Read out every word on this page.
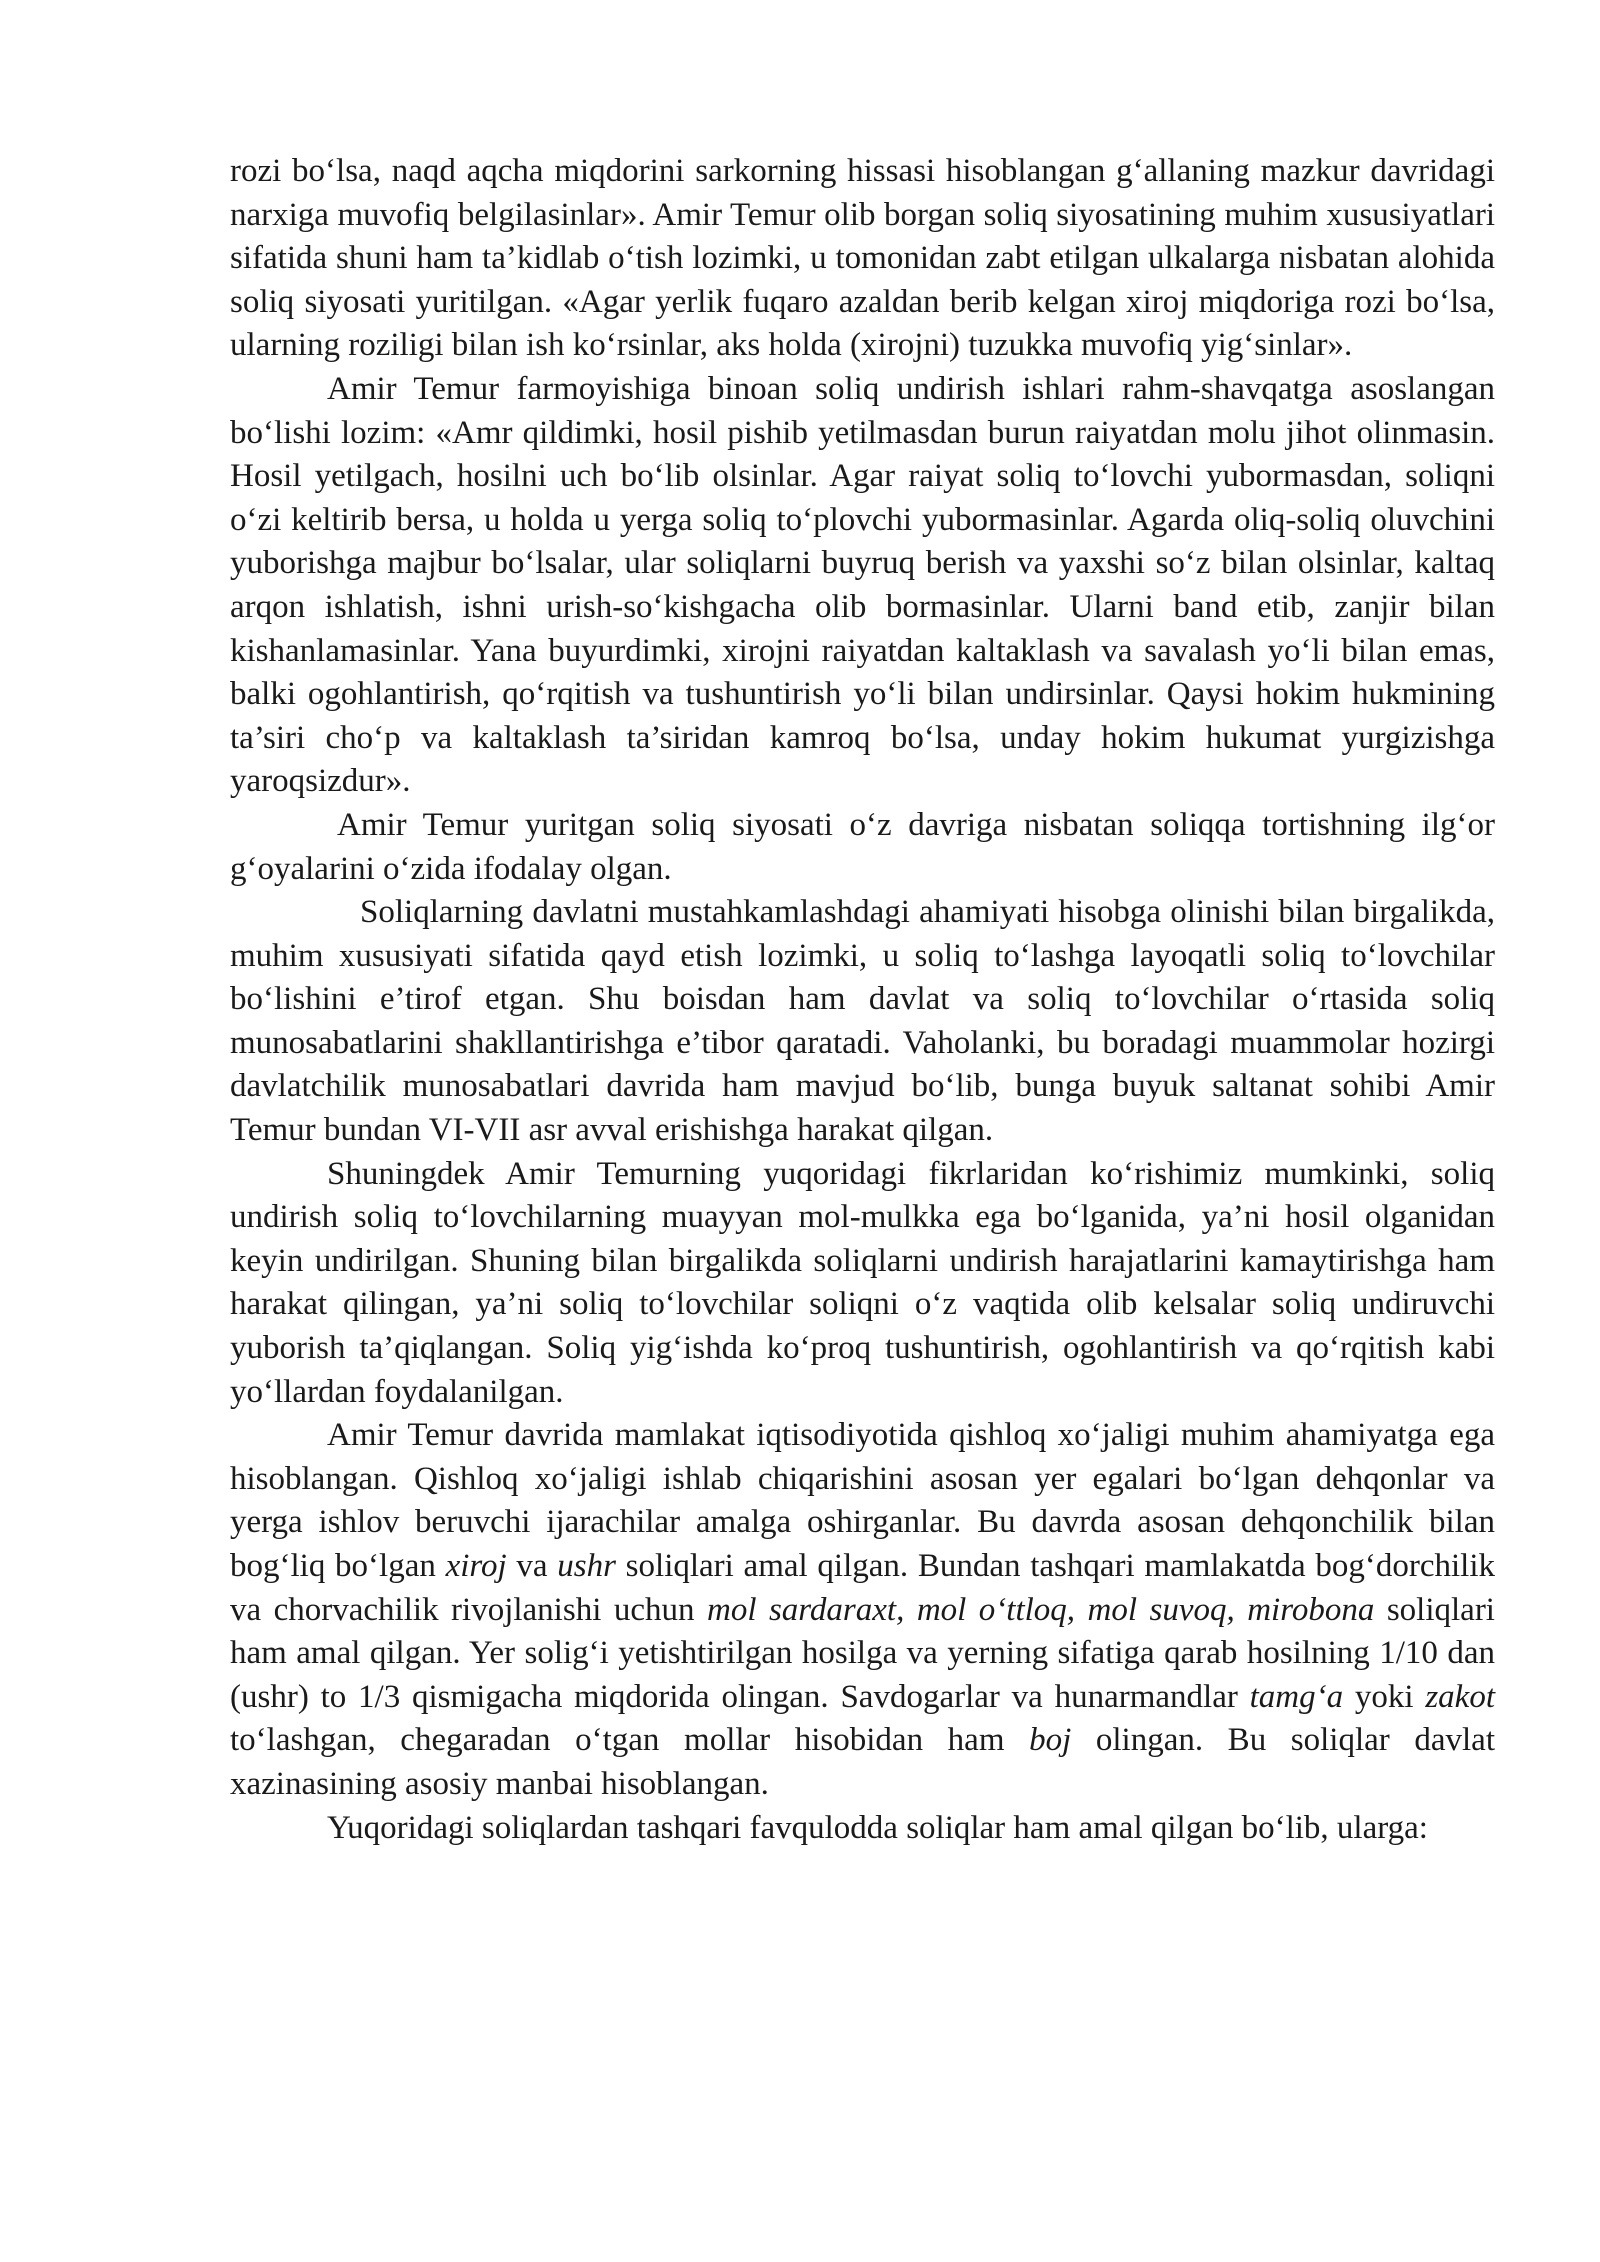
rozi bo‘lsa, naqd aqcha miqdorini sarkorning hissasi hisoblangan g‘allaning mazkur davridagi narxiga muvofiq belgilasinlar». Amir Temur olib borgan soliq siyosatining muhim xususiyatlari sifatida shuni ham ta’kidlab o‘tish lozimki, u tomonidan zabt etilgan ulkalarga nisbatan alohida soliq siyosati yuritilgan. «Agar yerlik fuqaro azaldan berib kelgan xiroj miqdoriga rozi bo‘lsa, ularning roziligi bilan ish ko‘rsinlar, aks holda (xirojni) tuzukka muvofiq yig‘sinlar».

Amir Temur farmoyishiga binoan soliq undirish ishlari rahm-shavqatga asoslangan bo‘lishi lozim: «Amr qildimki, hosil pishib yetilmasdan burun raiyatdan molu jihot olinmasin. Hosil yetilgach, hosilni uch bo‘lib olsinlar. Agar raiyat soliq to‘lovchi yubormasdan, soliqni o‘zi keltirib bersa, u holda u yerga soliq to‘plovchi yubormasinlar. Agarda oliq-soliq oluvchini yuborishga majbur bo‘lsalar, ular soliqlarni buyruq berish va yaxshi so‘z bilan olsinlar, kaltaq arqon ishlatish, ishni urish-so‘kishgacha olib bormasinlar. Ularni band etib, zanjir bilan kishanlamasinlar. Yana buyurdimki, xirojni raiyatdan kaltaklash va savalash yo‘li bilan emas, balki ogohlantirish, qo‘rqitish va tushuntirish yo‘li bilan undirsinlar. Qaysi hokim hukmining ta’siri cho‘p va kaltaklash ta’siridan kamroq bo‘lsa, unday hokim hukumat yurgizishga yaroqsizdur».

Amir Temur yuritgan soliq siyosati o‘z davriga nisbatan soliqqa tortishning ilg‘or g‘oyalarini o‘zida ifodalay olgan.

Soliqlarning davlatni mustahkamlashdagi ahamiyati hisobga olinishi bilan birgalikda, muhim xususiyati sifatida qayd etish lozimki, u soliq to‘lashga layoqatli soliq to‘lovchilar bo‘lishini e’tirof etgan. Shu boisdan ham davlat va soliq to‘lovchilar o‘rtasida soliq munosabatlarini shakllantirishga e’tibor qaratadi. Vaholanki, bu boradagi muammolar hozirgi davlatchilik munosabatlari davrida ham mavjud bo‘lib, bunga buyuk saltanat sohibi Amir Temur bundan VI-VII asr avval erishishga harakat qilgan.

Shuningdek Amir Temurning yuqoridagi fikrlaridan ko‘rishimiz mumkinki, soliq undirish soliq to‘lovchilarning muayyan mol-mulkka ega bo‘lganida, ya’ni hosil olganidan keyin undirilgan. Shuning bilan birgalikda soliqlarni undirish harajatlarini kamaytirishga ham harakat qilingan, ya’ni soliq to‘lovchilar soliqni o‘z vaqtida olib kelsalar soliq undiruvchi yuborish ta’qiqlangan. Soliq yig‘ishda ko‘proq tushuntirish, ogohlantirish va qo‘rqitish kabi yo‘llardan foydalanilgan.

Amir Temur davrida mamlakat iqtisodiyotida qishloq xo‘jaligi muhim ahamiyatga ega hisoblangan. Qishloq xo‘jaligi ishlab chiqarishini asosan yer egalari bo‘lgan dehqonlar va yerga ishlov beruvchi ijarachilar amalga oshirganlar. Bu davrda asosan dehqonchilik bilan bog‘liq bo‘lgan xiroj va ushr soliqlari amal qilgan. Bundan tashqari mamlakatda bog‘dorchilik va chorvachilik rivojlanishi uchun mol sardaraxt, mol o‘ttloq, mol suvoq, mirobona soliqlari ham amal qilgan. Yer solig‘i yetishtirilgan hosilga va yerning sifatiga qarab hosilning 1/10 dan (ushr) to 1/3 qismigacha miqdorida olingan. Savdogarlar va hunarmandlar tamg‘a yoki zakot to‘lashgan, chegaradan o‘tgan mollar hisobidan ham boj olingan. Bu soliqlar davlat xazinasining asosiy manbai hisoblangan.

Yuqoridagi soliqlardan tashqari favqulodda soliqlar ham amal qilgan bo‘lib, ularga:
